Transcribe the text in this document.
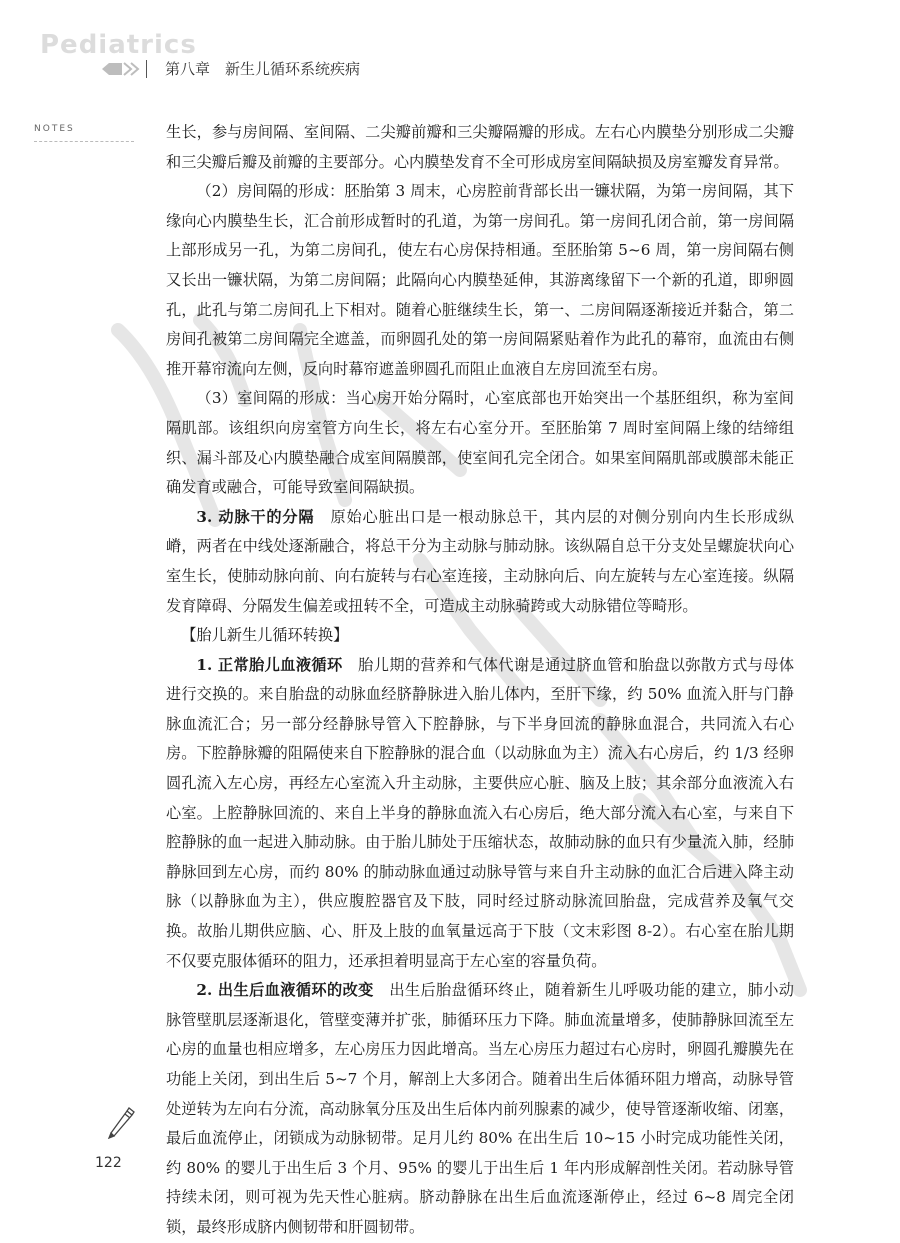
Pediatrics
第八章　新生儿循环系统疾病
NOTES	生长，参与房间隔、室间隔、二尖瓣前瓣和三尖瓣隔瓣的形成。左右心内膜垫分别形成二尖瓣和三尖瓣后瓣及前瓣的主要部分。心内膜垫发育不全可形成房室间隔缺损及房室瓣发育异常。

（2）房间隔的形成：胚胎第 3 周末，心房腔前背部长出一镰状隔，为第一房间隔，其下缘向心内膜垫生长，汇合前形成暂时的孔道，为第一房间孔。第一房间孔闭合前，第一房间隔上部形成另一孔，为第二房间孔，使左右心房保持相通。至胚胎第 5~6 周，第一房间隔右侧又长出一镰状隔，为第二房间隔；此隔向心内膜垫延伸，其游离缘留下一个新的孔道，即卵圆孔，此孔与第二房间孔上下相对。随着心脏继续生长，第一、二房间隔逐渐接近并黏合，第二房间孔被第二房间隔完全遮盖，而卵圆孔处的第一房间隔紧贴着作为此孔的幕帘，血流由右侧推开幕帘流向左侧，反向时幕帘遮盖卵圆孔而阻止血液自左房回流至右房。

（3）室间隔的形成：当心房开始分隔时，心室底部也开始突出一个基胚组织，称为室间隔肌部。该组织向房室管方向生长，将左右心室分开。至胚胎第 7 周时室间隔上缘的结缔组织、漏斗部及心内膜垫融合成室间隔膜部，使室间孔完全闭合。如果室间隔肌部或膜部未能正确发育或融合，可能导致室间隔缺损。

3. 动脉干的分隔　原始心脏出口是一根动脉总干，其内层的对侧分别向内生长形成纵嵴，两者在中线处逐渐融合，将总干分为主动脉与肺动脉。该纵隔自总干分支处呈螺旋状向心室生长，使肺动脉向前、向右旋转与右心室连接，主动脉向后、向左旋转与左心室连接。纵隔发育障碍、分隔发生偏差或扭转不全，可造成主动脉骑跨或大动脉错位等畸形。

【胎儿新生儿循环转换】

1. 正常胎儿血液循环　胎儿期的营养和气体代谢是通过脐血管和胎盘以弥散方式与母体进行交换的。来自胎盘的动脉血经脐静脉进入胎儿体内，至肝下缘，约 50% 血流入肝与门静脉血流汇合；另一部分经静脉导管入下腔静脉，与下半身回流的静脉血混合，共同流入右心房。下腔静脉瓣的阻隔使来自下腔静脉的混合血（以动脉血为主）流入右心房后，约 1/3 经卵圆孔流入左心房，再经左心室流入升主动脉，主要供应心脏、脑及上肢；其余部分血液流入右心室。上腔静脉回流的、来自上半身的静脉血流入右心房后，绝大部分流入右心室，与来自下腔静脉的血一起进入肺动脉。由于胎儿肺处于压缩状态，故肺动脉的血只有少量流入肺，经肺静脉回到左心房，而约 80% 的肺动脉血通过动脉导管与来自升主动脉的血汇合后进入降主动脉（以静脉血为主），供应腹腔器官及下肢，同时经过脐动脉流回胎盘，完成营养及氧气交换。故胎儿期供应脑、心、肝及上肢的血氧量远高于下肢（文末彩图 8-2）。右心室在胎儿期不仅要克服体循环的阻力，还承担着明显高于左心室的容量负荷。

2. 出生后血液循环的改变　出生后胎盘循环终止，随着新生儿呼吸功能的建立，肺小动脉管壁肌层逐渐退化，管壁变薄并扩张，肺循环压力下降。肺血流量增多，使肺静脉回流至左心房的血量也相应增多，左心房压力因此增高。当左心房压力超过右心房时，卵圆孔瓣膜先在功能上关闭，到出生后 5~7 个月，解剖上大多闭合。随着出生后体循环阻力增高，动脉导管处逆转为左向右分流，高动脉氧分压及出生后体内前列腺素的减少，使导管逐渐收缩、闭塞，最后血流停止，闭锁成为动脉韧带。足月儿约 80% 在出生后 10~15 小时完成功能性关闭，约 80% 的婴儿于出生后 3 个月、95% 的婴儿于出生后 1 年内形成解剖性关闭。若动脉导管持续未闭，则可视为先天性心脏病。脐动静脉在出生后血流逐渐停止，经过 6~8 周完全闭锁，最终形成脐内侧韧带和肝圆韧带。

122
